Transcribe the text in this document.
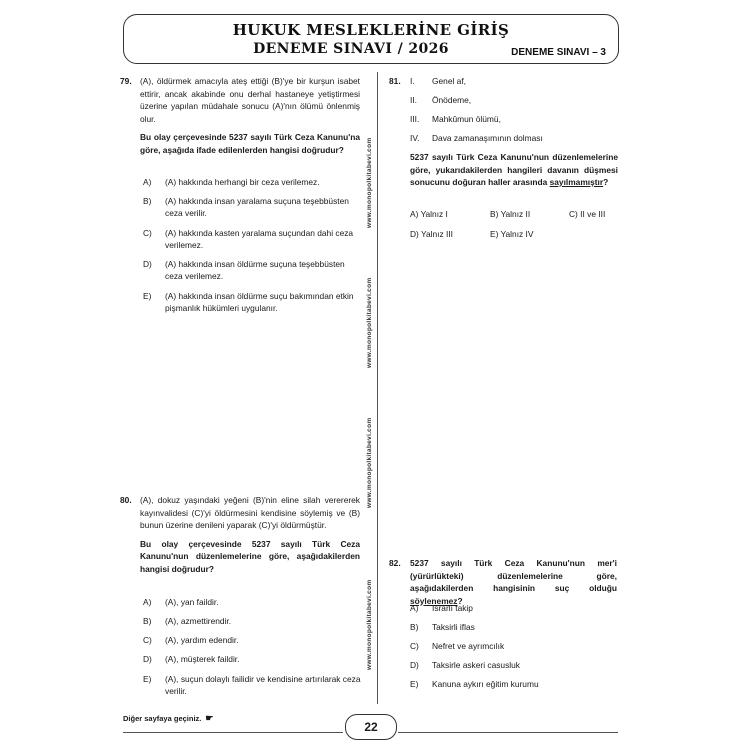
HUKUK MESLEKLERİNE GİRİŞ
DENEME SINAVI / 2026	DENEME SINAVI – 3
www.monopolkitabevi.com
www.monopolkitabevi.com
www.monopolkitabevi.com
www.monopolkitabevi.com
79. (A), öldürmek amacıyla ateş ettiği (B)'ye bir kurşun isabet ettirir, ancak akabinde onu derhal hastaneye yetiştirmesi üzerine yapılan müdahale sonucu (A)'nın ölümü önlenmiş olur.
Bu olay çerçevesinde 5237 sayılı Türk Ceza Kanunu'na göre, aşağıda ifade edilenlerden hangisi doğrudur?
A) (A) hakkında herhangi bir ceza verilemez.
B) (A) hakkında insan yaralama suçuna teşebbüsten ceza verilir.
C) (A) hakkında kasten yaralama suçundan dahi ceza verilemez.
D) (A) hakkında insan öldürme suçuna teşebbüsten ceza verilemez.
E) (A) hakkında insan öldürme suçu bakımından etkin pişmanlık hükümleri uygulanır.
80. (A), dokuz yaşındaki yeğeni (B)'nin eline silah verererek kayınvalidesi (C)'yi öldürmesini kendisine söylemiş ve (B) bunun üzerine denileni yaparak (C)'yi öldürmüştür.
Bu olay çerçevesinde 5237 sayılı Türk Ceza Kanunu'nun düzenlemelerine göre, aşağıdakilerden hangisi doğrudur?
A) (A), yan faildir.
B) (A), azmettirendir.
C) (A), yardım edendir.
D) (A), müşterek faildir.
E) (A), suçun dolaylı failidir ve kendisine artırılarak ceza verilir.
81. I. Genel af,
II. Önödeme,
III. Mahkûmun ölümü,
IV. Dava zamanaşımının dolması
5237 sayılı Türk Ceza Kanunu'nun düzenlemelerine göre, yukarıdakilerden hangileri davanın düşmesi sonucunu doğuran haller arasında sayılmamıştır?
A) Yalnız I	B) Yalnız II	C) II ve III
D) Yalnız III	E) Yalnız IV
82. 5237 sayılı Türk Ceza Kanunu'nun mer'i (yürürlükteki) düzenlemelerine göre, aşağıdakilerden hangisinin suç olduğu söylenemez?
A) Israrlı takip
B) Taksirli iflas
C) Nefret ve ayrımcılık
D) Taksirle askeri casusluk
E) Kanuna aykırı eğitim kurumu
Diğer sayfaya geçiniz. ☛
22
